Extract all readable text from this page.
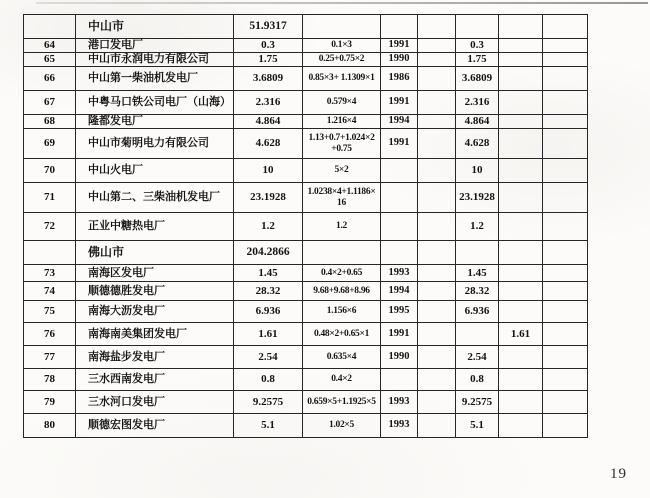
	中山市	51.9317						
64	港口发电厂	0.3	0.1×3	1991		0.3		
65	中山市永润电力有限公司	1.75	0.25+0.75×2	1990		1.75		
66	中山第一柴油机发电厂	3.6809	0.85×3+ 1.1309×1	1986		3.6809		
67	中粤马口铁公司电厂（山海）	2.316	0.579×4	1991		2.316		
68	隆都发电厂	4.864	1.216×4	1994		4.864		
69	中山市菊明电力有限公司	4.628	1.13+0.7+1.024×2 +0.75	1991		4.628		
70	中山火电厂	10	5×2			10		
71	中山第二、三柴油机发电厂	23.1928	1.0238×4+1.1186× 16			23.1928		
72	正业中糖热电厂	1.2	1.2			1.2		
	佛山市	204.2866						
73	南海区发电厂	1.45	0.4×2+0.65	1993		1.45		
74	顺德德胜发电厂	28.32	9.68+9.68+8.96	1994		28.32		
75	南海大沥发电厂	6.936	1.156×6	1995		6.936		
76	南海南美集团发电厂	1.61	0.48×2+0.65×1	1991			1.61	
77	南海盐步发电厂	2.54	0.635×4	1990		2.54		
78	三水西南发电厂	0.8	0.4×2			0.8		
79	三水河口发电厂	9.2575	0.659×5+1.1925×5	1993		9.2575		
80	顺德宏图发电厂	5.1	1.02×5	1993		5.1		
19
